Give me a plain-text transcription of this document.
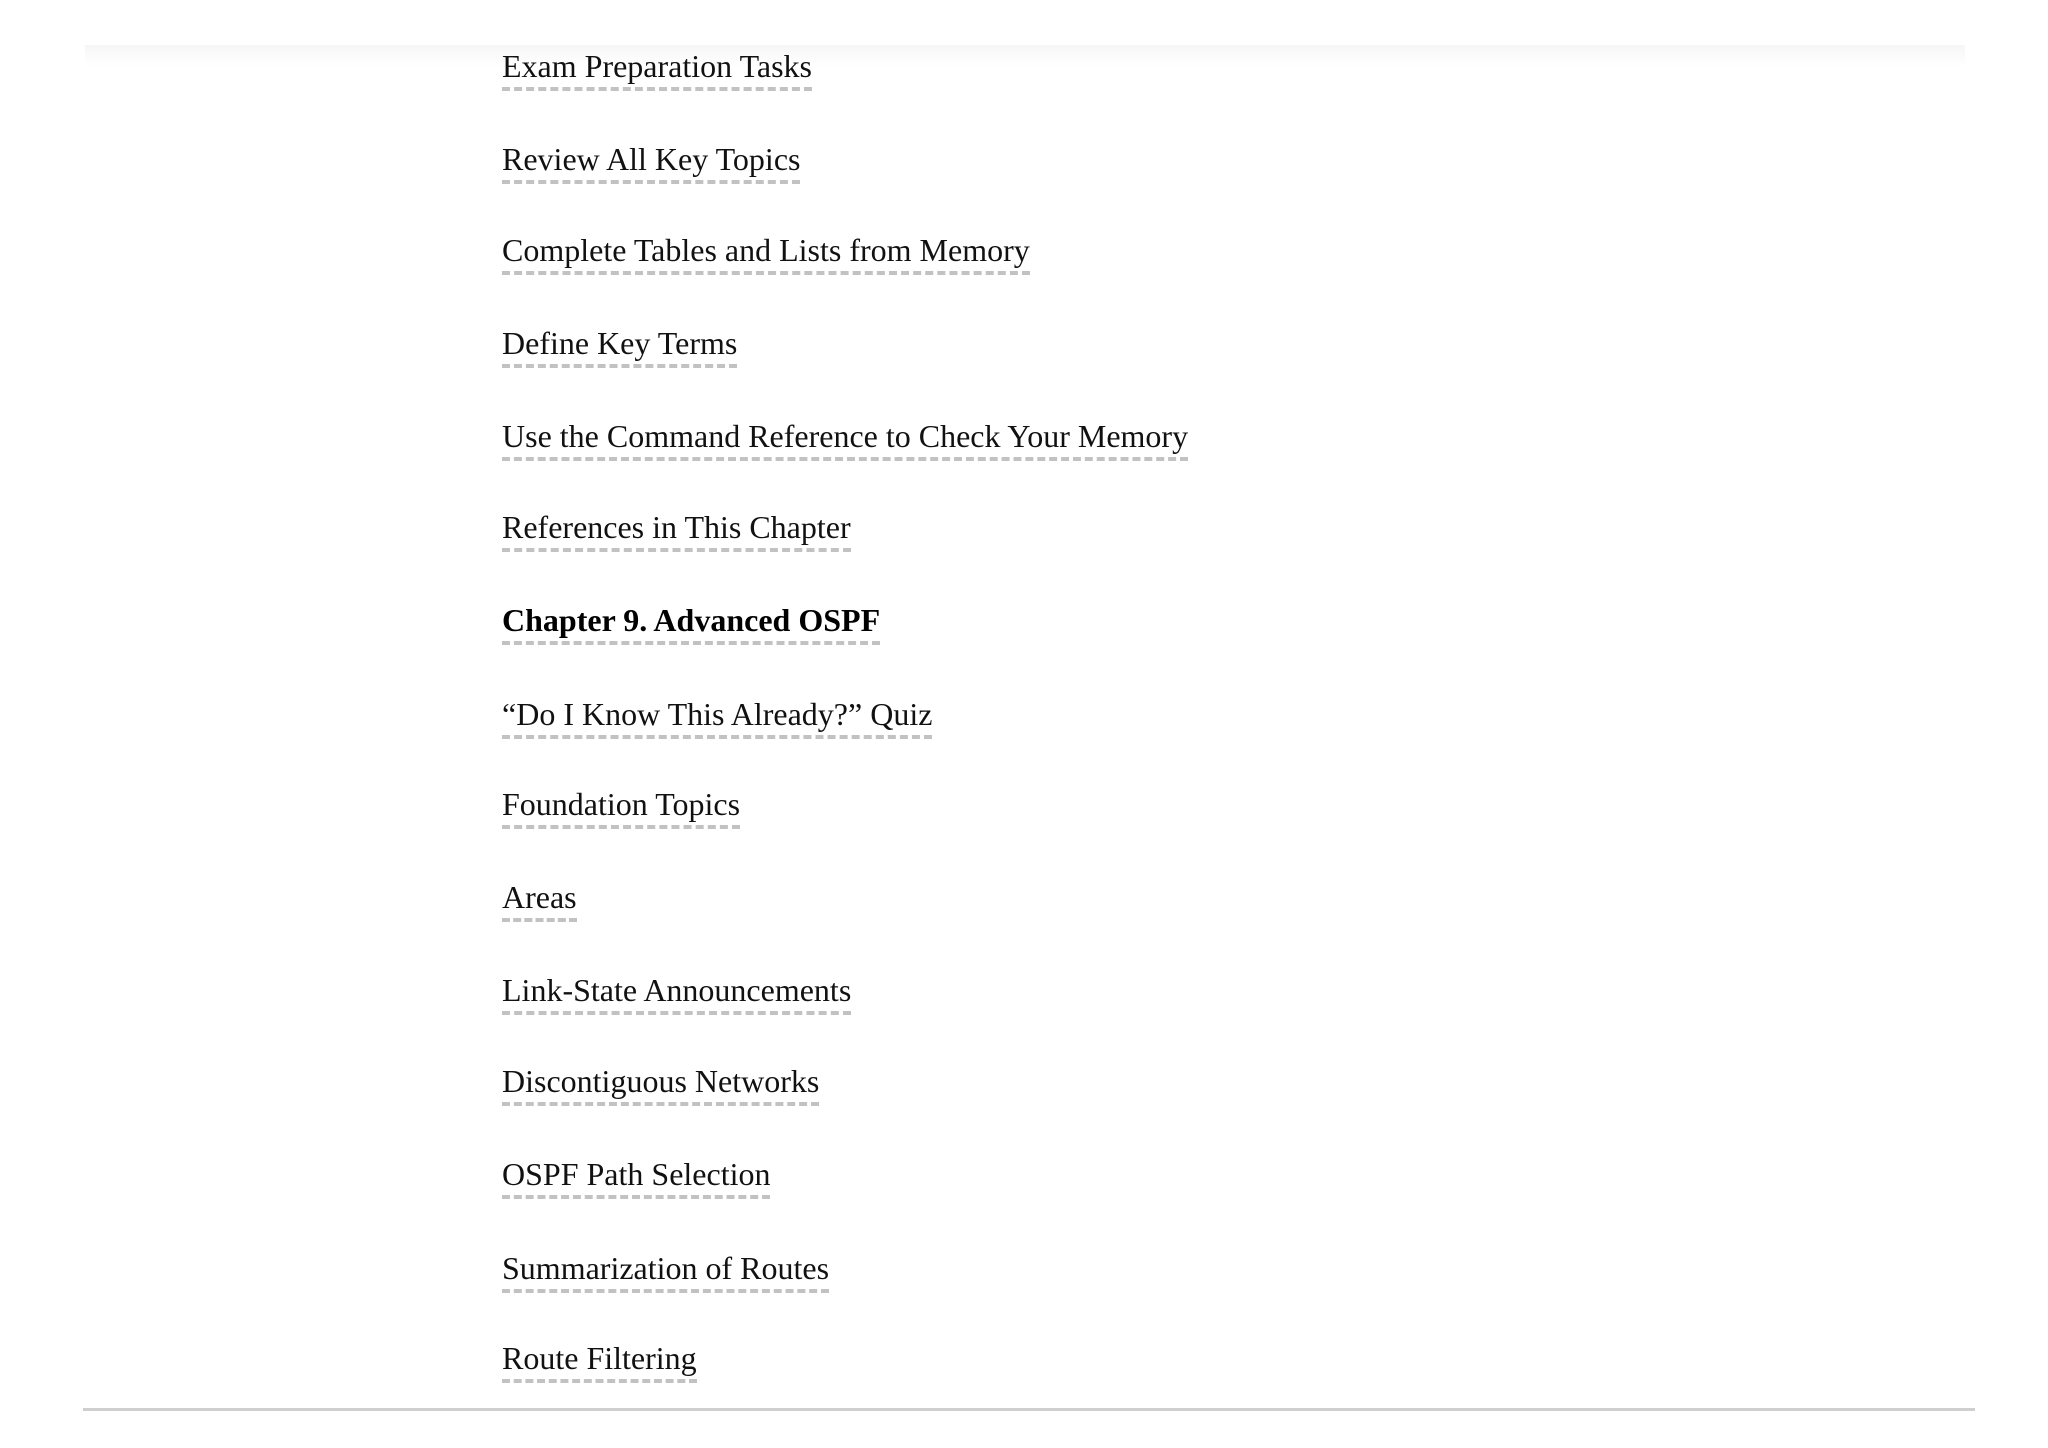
Exam Preparation Tasks
Review All Key Topics
Complete Tables and Lists from Memory
Define Key Terms
Use the Command Reference to Check Your Memory
References in This Chapter
Chapter 9. Advanced OSPF
“Do I Know This Already?” Quiz
Foundation Topics
Areas
Link-State Announcements
Discontiguous Networks
OSPF Path Selection
Summarization of Routes
Route Filtering
